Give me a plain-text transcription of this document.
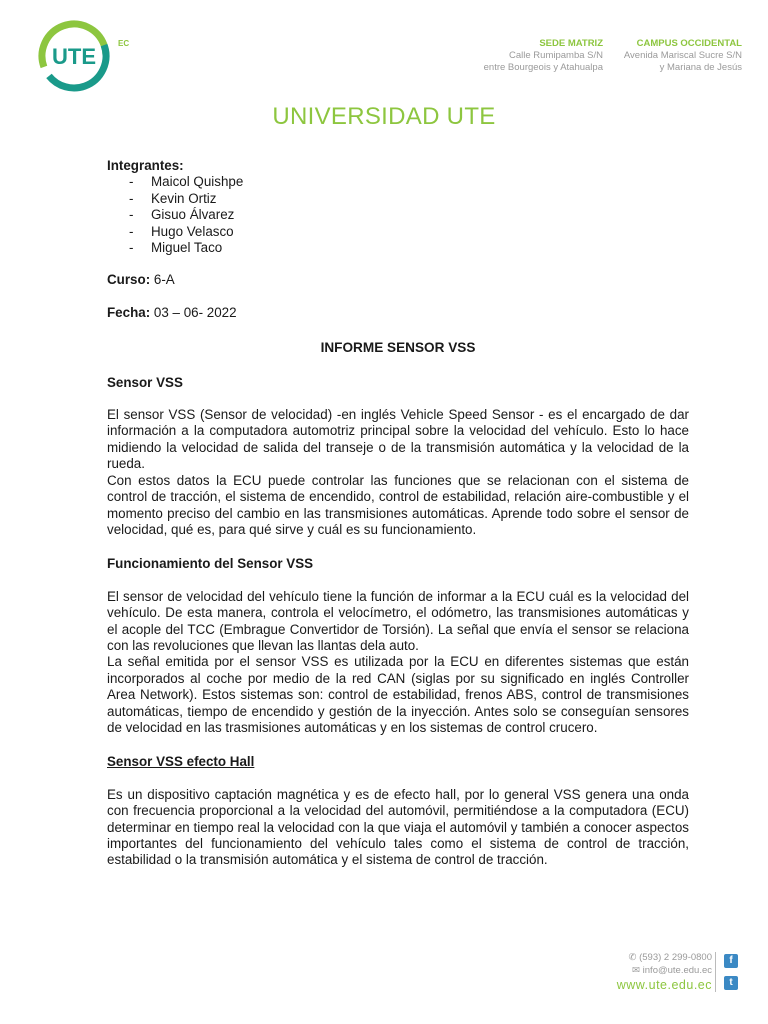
UTE
EC	SEDE MATRIZ
Calle Rumipamba S/N
entre Bourgeois y Atahualpa
CAMPUS OCCIDENTAL
Avenida Mariscal Sucre S/N
y Mariana de Jesús
UNIVERSIDAD UTE
Integrantes:
-	Maicol Quishpe
-	Kevin Ortiz
-	Gisuo Álvarez
-	Hugo Velasco
-	Miguel Taco
Curso: 6-A
Fecha: 03 – 06- 2022
INFORME SENSOR VSS
Sensor VSS
El sensor VSS (Sensor de velocidad) -en inglés Vehicle Speed Sensor - es el encargado de dar información a la computadora automotriz principal sobre la velocidad del vehículo. Esto lo hace midiendo la velocidad de salida del transeje o de la transmisión automática y la velocidad de la rueda.
Con estos datos la ECU puede controlar las funciones que se relacionan con el sistema de control de tracción, el sistema de encendido, control de estabilidad, relación aire-combustible y el momento preciso del cambio en las transmisiones automáticas. Aprende todo sobre el sensor de velocidad, qué es, para qué sirve y cuál es su funcionamiento.
Funcionamiento del Sensor VSS
El sensor de velocidad del vehículo tiene la función de informar a la ECU cuál es la velocidad del vehículo. De esta manera, controla el velocímetro, el odómetro, las transmisiones automáticas y el acople del TCC (Embrague Convertidor de Torsión). La señal que envía el sensor se relaciona con las revoluciones que llevan las llantas dela auto.
La señal emitida por el sensor VSS es utilizada por la ECU en diferentes sistemas que están incorporados al coche por medio de la red CAN (siglas por su significado en inglés Controller Area Network). Estos sistemas son: control de estabilidad, frenos ABS, control de transmisiones automáticas, tiempo de encendido y gestión de la inyección. Antes solo se conseguían sensores de velocidad en las trasmisiones automáticas y en los sistemas de control crucero.
Sensor VSS efecto Hall
Es un dispositivo captación magnética y es de efecto hall, por lo general VSS genera una onda con frecuencia proporcional a la velocidad del automóvil, permitiéndose a la computadora (ECU) determinar en tiempo real la velocidad con la que viaja el automóvil y también a conocer aspectos importantes del funcionamiento del vehículo tales como el sistema de control de tracción, estabilidad o la transmisión automática y el sistema de control de tracción.
✆ (593) 2 299-0800
✉ info@ute.edu.ec
www.ute.edu.ec
f
t
